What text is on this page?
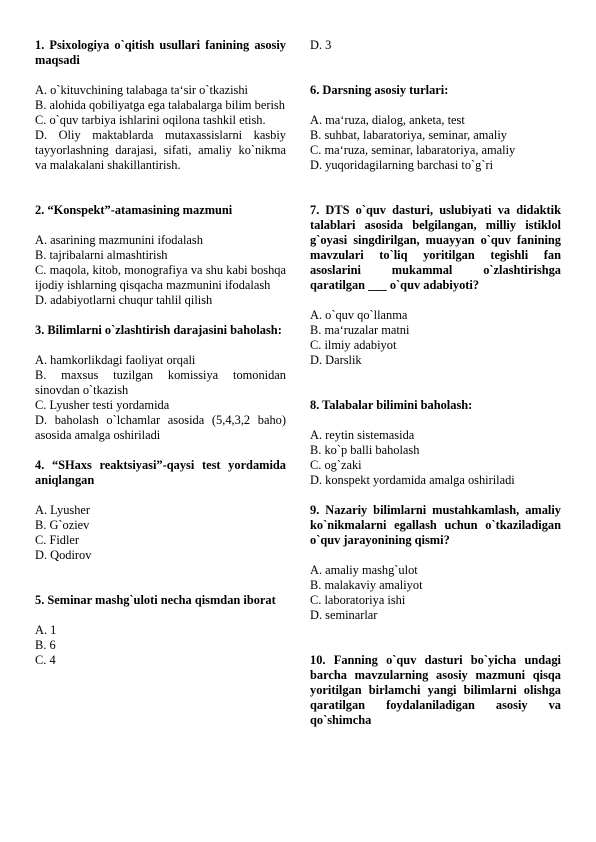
1. Psixologiya o`qitish usullari fanining asosiy maqsadi

A. o`kituvchining talabaga ta‘sir o`tkazishi

B. alohida qobiliyatga ega talabalarga bilim berish

C. o`quv tarbiya ishlarini oqilona tashkil etish.

D. Oliy maktablarda mutaxassislarni kasbiy tayyorlashning darajasi, sifati, amaliy ko`nikma va malakalani shakillantirish.

2. “Konspekt”-atamasining mazmuni

A. asarining mazmunini ifodalash

B. tajribalarni almashtirish

C. maqola, kitob, monografiya va shu kabi boshqa ijodiy ishlarning qisqacha mazmunini ifodalash

D. adabiyotlarni chuqur tahlil qilish

3. Bilimlarni o`zlashtirish darajasini baholash:

A. hamkorlikdagi faoliyat orqali

B. maxsus tuzilgan komissiya tomonidan sinovdan o`tkazish

C. Lyusher testi yordamida

D. baholash o`lchamlar asosida (5,4,3,2 baho) asosida amalga oshiriladi

4. “SHaxs reaktsiyasi”-qaysi test yordamida aniqlangan

A. Lyusher

B. G`oziev

C. Fidler

D. Qodirov

5. Seminar mashg`uloti necha qismdan iborat

A. 1

B. 6

C. 4

D. 3

6. Darsning asosiy turlari:

A. ma‘ruza, dialog, anketa, test

B. suhbat, labaratoriya, seminar, amaliy

C. ma‘ruza, seminar, labaratoriya, amaliy

D. yuqoridagilarning barchasi to`g`ri

7. DTS o`quv dasturi, uslubiyati va didaktik talablari asosida belgilangan, milliy istiklol g`oyasi singdirilgan, muayyan o`quv fanining mavzulari to`liq yoritilgan tegishli fan asoslarini mukammal o`zlashtirishga qaratilgan ___ o`quv adabiyoti?

A. o`quv qo`llanma

B. ma‘ruzalar matni

C. ilmiy adabiyot

D. Darslik

8. Talabalar bilimini baholash:

A. reytin sistemasida

B. ko`p balli baholash

C. og`zaki

D. konspekt yordamida amalga oshiriladi

9. Nazariy bilimlarni mustahkamlash, amaliy ko`nikmalarni egallash uchun o`tkaziladigan o`quv jarayonining qismi?

A. amaliy mashg`ulot

B. malakaviy amaliyot

C. laboratoriya ishi

D. seminarlar

10. Fanning o`quv dasturi bo`yicha undagi barcha mavzularning asosiy mazmuni qisqa yoritilgan birlamchi yangi bilimlarni olishga qaratilgan foydalaniladigan asosiy va qo`shimcha
